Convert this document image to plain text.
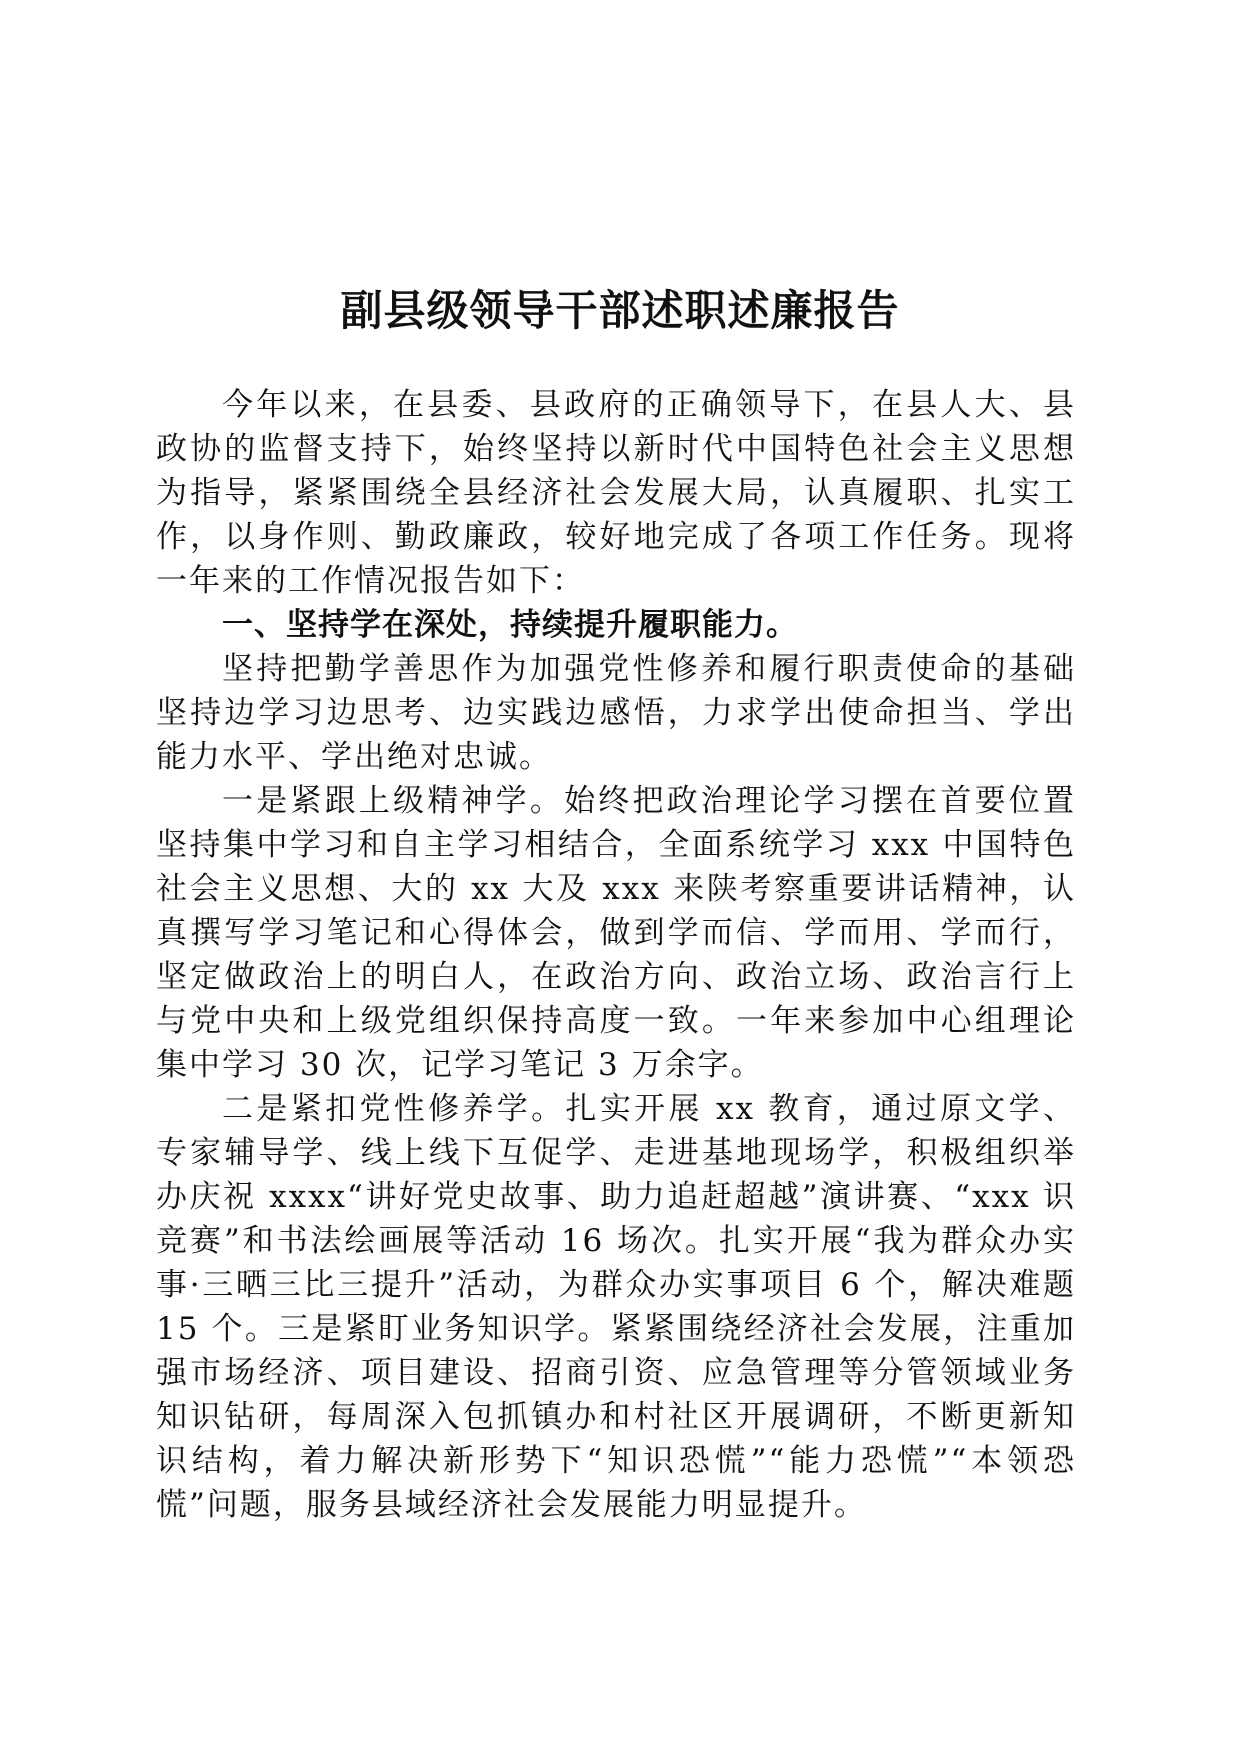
副县级领导干部述职述廉报告

今年以来，在县委、县政府的正确领导下，在县人大、县政协的监督支持下，始终坚持以新时代中国特色社会主义思想为指导，紧紧围绕全县经济社会发展大局，认真履职、扎实工作，以身作则、勤政廉政，较好地完成了各项工作任务。现将一年来的工作情况报告如下：

一、坚持学在深处，持续提升履职能力。

坚持把勤学善思作为加强党性修养和履行职责使命的基础坚持边学习边思考、边实践边感悟，力求学出使命担当、学出能力水平、学出绝对忠诚。

一是紧跟上级精神学。始终把政治理论学习摆在首要位置坚持集中学习和自主学习相结合，全面系统学习 xxx 中国特色社会主义思想、大的 xx 大及 xxx 来陕考察重要讲话精神，认真撰写学习笔记和心得体会，做到学而信、学而用、学而行，坚定做政治上的明白人，在政治方向、政治立场、政治言行上与党中央和上级党组织保持高度一致。一年来参加中心组理论集中学习 30 次，记学习笔记 3 万余字。

二是紧扣党性修养学。扎实开展 xx 教育，通过原文学、专家辅导学、线上线下互促学、走进基地现场学，积极组织举办庆祝 xxxx“讲好党史故事、助力追赶超越”演讲赛、“xxx 识竞赛”和书法绘画展等活动 16 场次。扎实开展“我为群众办实事·三晒三比三提升”活动，为群众办实事项目 6 个，解决难题 15 个。三是紧盯业务知识学。紧紧围绕经济社会发展，注重加强市场经济、项目建设、招商引资、应急管理等分管领域业务知识钻研，每周深入包抓镇办和村社区开展调研，不断更新知识结构，着力解决新形势下“知识恐慌”“能力恐慌”“本领恐慌”问题，服务县域经济社会发展能力明显提升。
